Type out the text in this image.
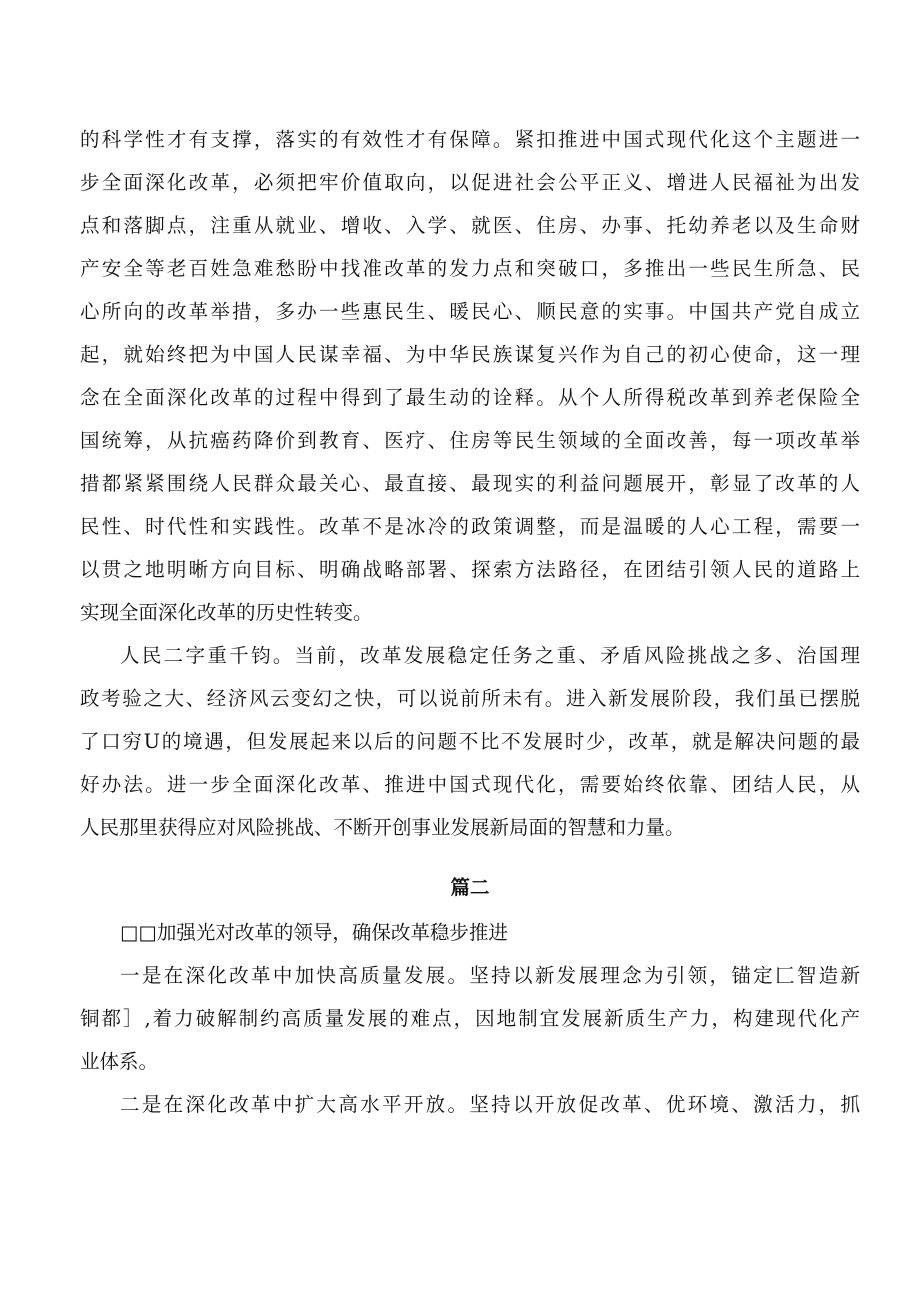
的科学性才有支撑，落实的有效性才有保障。紧扣推进中国式现代化这个主题进一
步全面深化改革，必须把牢价值取向，以促进社会公平正义、增进人民福祉为出发
点和落脚点，注重从就业、增收、入学、就医、住房、办事、托幼养老以及生命财
产安全等老百姓急难愁盼中找准改革的发力点和突破口，多推出一些民生所急、民
心所向的改革举措，多办一些惠民生、暖民心、顺民意的实事。中国共产党自成立
起，就始终把为中国人民谋幸福、为中华民族谋复兴作为自己的初心使命，这一理
念在全面深化改革的过程中得到了最生动的诠释。从个人所得税改革到养老保险全
国统筹，从抗癌药降价到教育、医疗、住房等民生领域的全面改善，每一项改革举
措都紧紧围绕人民群众最关心、最直接、最现实的利益问题展开，彰显了改革的人
民性、时代性和实践性。改革不是冰冷的政策调整，而是温暖的人心工程，需要一
以贯之地明晰方向目标、明确战略部署、探索方法路径，在团结引领人民的道路上
实现全面深化改革的历史性转变。
人民二字重千钧。当前，改革发展稳定任务之重、矛盾风险挑战之多、治国理
政考验之大、经济风云变幻之快，可以说前所未有。进入新发展阶段，我们虽已摆脱
了口穷U的境遇，但发展起来以后的问题不比不发展时少，改革，就是解决问题的最
好办法。进一步全面深化改革、推进中国式现代化，需要始终依靠、团结人民，从
人民那里获得应对风险挑战、不断开创事业发展新局面的智慧和力量。
篇二
□□加强光对改革的领导，确保改革稳步推进
一是在深化改革中加快高质量发展。坚持以新发展理念为引领，锚定匚智造新
铜都］,着力破解制约高质量发展的难点，因地制宜发展新质生产力，构建现代化产
业体系。
二是在深化改革中扩大高水平开放。坚持以开放促改革、优环境、激活力，抓
